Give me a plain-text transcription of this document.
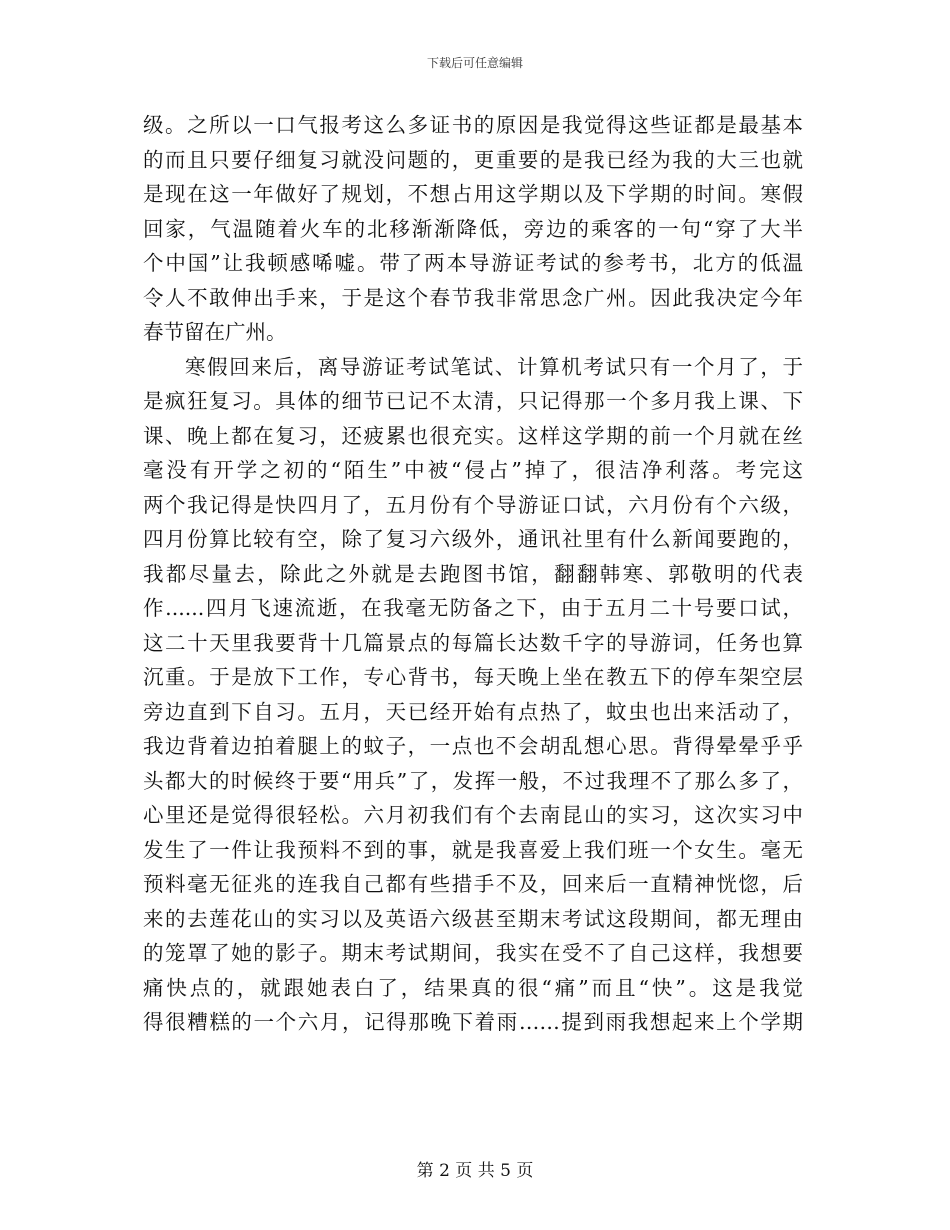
下载后可任意编辑
级。之所以一口气报考这么多证书的原因是我觉得这些证都是最基本
的而且只要仔细复习就没问题的，更重要的是我已经为我的大三也就
是现在这一年做好了规划，不想占用这学期以及下学期的时间。寒假
回家，气温随着火车的北移渐渐降低，旁边的乘客的一句“穿了大半
个中国”让我顿感唏嘘。带了两本导游证考试的参考书，北方的低温
令人不敢伸出手来，于是这个春节我非常思念广州。因此我决定今年
春节留在广州。
寒假回来后，离导游证考试笔试、计算机考试只有一个月了，于
是疯狂复习。具体的细节已记不太清，只记得那一个多月我上课、下
课、晚上都在复习，还疲累也很充实。这样这学期的前一个月就在丝
毫没有开学之初的“陌生”中被“侵占”掉了，很洁净利落。考完这
两个我记得是快四月了，五月份有个导游证口试，六月份有个六级，
四月份算比较有空，除了复习六级外，通讯社里有什么新闻要跑的，
我都尽量去，除此之外就是去跑图书馆，翻翻韩寒、郭敬明的代表
作......四月飞速流逝，在我毫无防备之下，由于五月二十号要口试，
这二十天里我要背十几篇景点的每篇长达数千字的导游词，任务也算
沉重。于是放下工作，专心背书，每天晚上坐在教五下的停车架空层
旁边直到下自习。五月，天已经开始有点热了，蚊虫也出来活动了，
我边背着边拍着腿上的蚊子，一点也不会胡乱想心思。背得晕晕乎乎
头都大的时候终于要“用兵”了，发挥一般，不过我理不了那么多了，
心里还是觉得很轻松。六月初我们有个去南昆山的实习，这次实习中
发生了一件让我预料不到的事，就是我喜爱上我们班一个女生。毫无
预料毫无征兆的连我自己都有些措手不及，回来后一直精神恍惚，后
来的去莲花山的实习以及英语六级甚至期末考试这段期间，都无理由
的笼罩了她的影子。期末考试期间，我实在受不了自己这样，我想要
痛快点的，就跟她表白了，结果真的很“痛”而且“快”。这是我觉
得很糟糕的一个六月，记得那晚下着雨……提到雨我想起来上个学期
第 2 页 共 5 页
